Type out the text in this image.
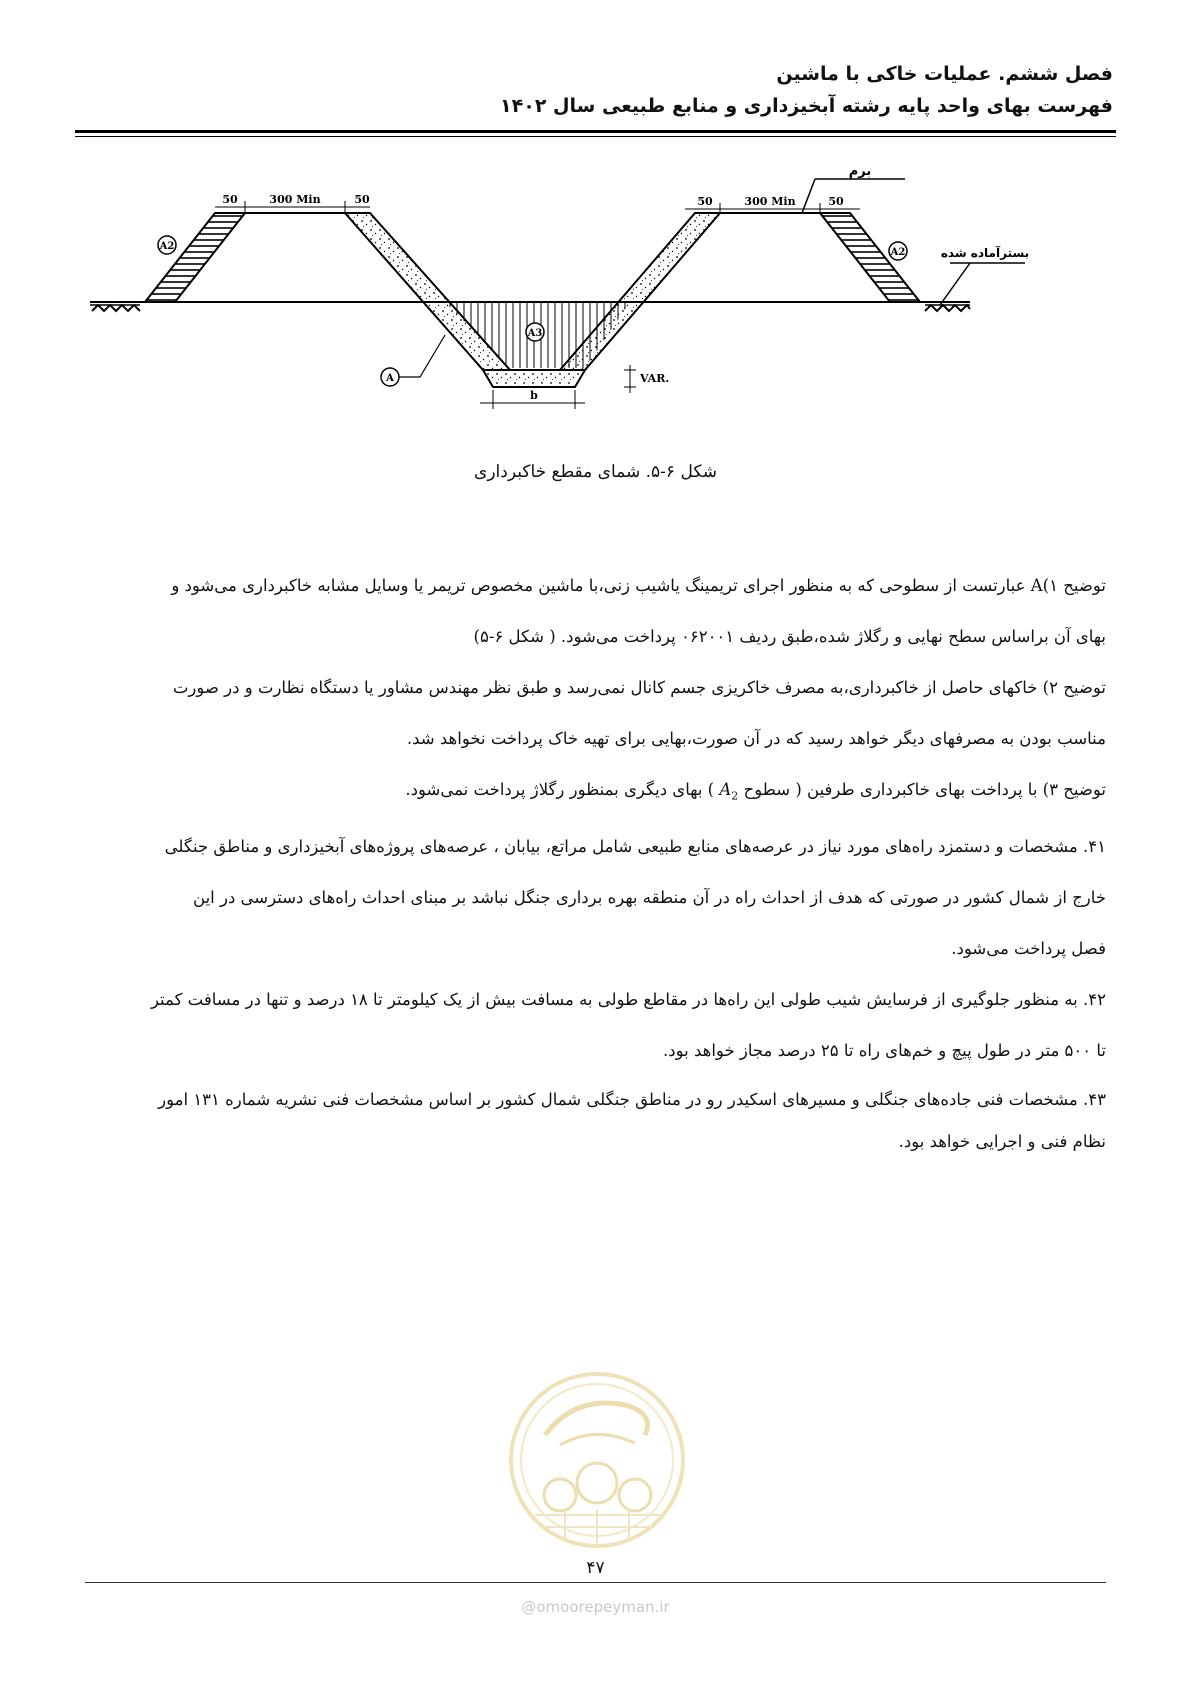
فصل ششم. عملیات خاکی با ماشین
فهرست بهای واحد پایه رشته آبخیزداری و منابع طبیعی سال ۱۴۰۲
50	300 Min	50	50	300 Min	50
برم
بسترآماده شده
A2
A2
A3
A	VAR.
b
شکل ۶-۵. شمای مقطع خاکبرداری

توضیح ۱)A عبارتست از سطوحی که به منظور اجرای تریمینگ یاشیب زنی،با ماشین مخصوص تریمر یا وسایل مشابه خاکبرداری می‌شود و

بهای آن براساس سطح نهایی و رگلاژ شده،طبق ردیف ۰۶۲۰۰۱ پرداخت می‌شود. ( شکل ۶-۵)

توضیح ۲) خاکهای حاصل از خاکبرداری،به مصرف خاکریزی جسم کانال نمی‌رسد و طبق نظر مهندس مشاور یا دستگاه نظارت و در صورت

مناسب بودن به مصرفهای دیگر خواهد رسید که در آن صورت،بهایی برای تهیه خاک پرداخت نخواهد شد.

توضیح ۳) با پرداخت بهای خاکبرداری طرفین ( سطوح $A_2$ ) بهای دیگری بمنظور رگلاژ پرداخت نمی‌شود.

۴۱. مشخصات و دستمزد راه‌های مورد نیاز در عرصه‌های منابع طبیعی شامل مراتع، بیابان ، عرصه‌های پروژه‌های آبخیزداری و مناطق جنگلی

خارج از شمال کشور در صورتی که هدف از احداث راه در آن منطقه بهره برداری جنگل نباشد بر مبنای احداث راه‌های دسترسی در این

فصل پرداخت می‌شود.

۴۲. به منظور جلوگیری از فرسایش شیب طولی این راه‌ها در مقاطع طولی به مسافت بیش از یک کیلومتر تا ۱۸ درصد و تنها در مسافت کمتر

تا ۵۰۰ متر در طول پیچ و خم‌های راه تا ۲۵ درصد مجاز خواهد بود.

۴۳. مشخصات فنی جاده‌های جنگلی و مسیرهای اسکیدر رو در مناطق جنگلی شمال کشور بر اساس مشخصات فنی نشریه شماره ۱۳۱ امور

نظام فنی و اجرایی خواهد بود.

۴۷
@omoorepeyman.ir
